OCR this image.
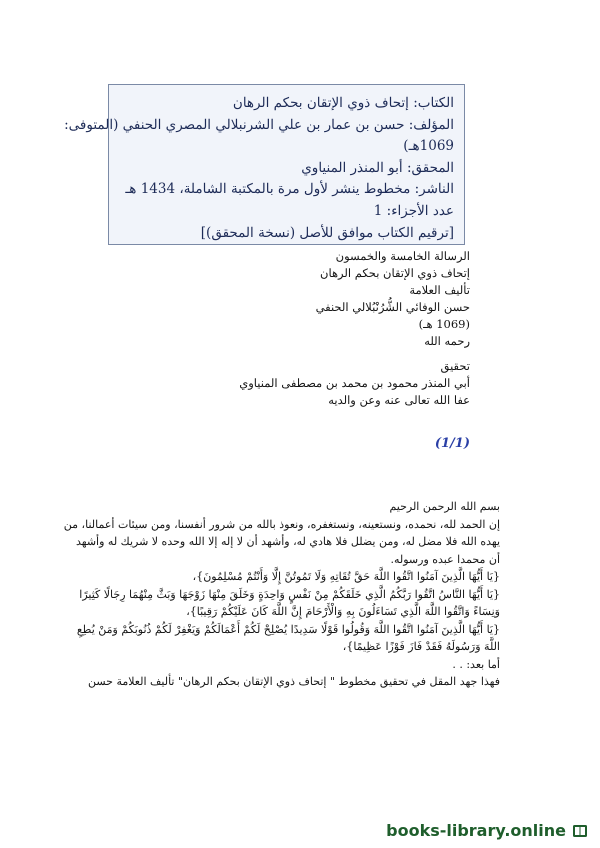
الكتاب: إتحاف ذوي الإتقان بحكم الرهان
المؤلف: حسن بن عمار بن علي الشرنبلالي المصري الحنفي (المتوفى:
1069هـ)
المحقق: أبو المنذر المنياوي
الناشر: مخطوط ينشر لأول مرة بالمكتبة الشاملة، 1434 هـ
عدد الأجزاء: 1
[ترقيم الكتاب موافق للأصل (نسخة المحقق)]
الرسالة الخامسة والخمسون
إتحاف ذوي الإتقان بحكم الرهان
تأليف العلامة
حسن الوفائي الشُّرُنْبُلالي الحنفي
(1069 هـ)
رحمه الله
تحقيق
أبي المنذر محمود بن محمد بن مصطفى المنياوي
عفا الله تعالى عنه وعن والديه
(1/1)
بسم الله الرحمن الرحيم
إن الحمد لله، نحمده، ونستعينه، ونستغفره، ونعوذ بالله من شرور أنفسنا، ومن سيئات أعمالنا، من
يهده الله فلا مضل له، ومن يضلل فلا هادي له، وأشهد أن لا إله إلا الله وحده لا شريك له وأشهد
أن محمدا عبده ورسوله.
{يَا أَيُّهَا الَّذِينَ آمَنُوا اتَّقُوا اللَّهَ حَقَّ تُقَاتِهِ وَلَا تَمُوتُنَّ إِلَّا وَأَنْتُمْ مُسْلِمُونَ}،
{يَا أَيُّهَا النَّاسُ اتَّقُوا رَبَّكُمُ الَّذِي خَلَقَكُمْ مِنْ نَفْسٍ وَاحِدَةٍ وَخَلَقَ مِنْهَا زَوْجَهَا وَبَثَّ مِنْهُمَا رِجَالًا كَثِيرًا
وَنِسَاءً وَاتَّقُوا اللَّهَ الَّذِي تَسَاءَلُونَ بِهِ وَالْأَرْحَامَ إِنَّ اللَّهَ كَانَ عَلَيْكُمْ رَقِيبًا}،
{يَا أَيُّهَا الَّذِينَ آمَنُوا اتَّقُوا اللَّهَ وَقُولُوا قَوْلًا سَدِيدًا يُصْلِحْ لَكُمْ أَعْمَالَكُمْ وَيَغْفِرْ لَكُمْ ذُنُوبَكُمْ وَمَنْ يُطِعِ
اللَّهَ وَرَسُولَهُ فَقَدْ فَازَ فَوْزًا عَظِيمًا}،
أما بعد: . .
فهذا جهد المقل في تحقيق مخطوط " إتحاف ذوي الإتقان بحكم الرهان" تأليف العلامة حسن
books-library.online
